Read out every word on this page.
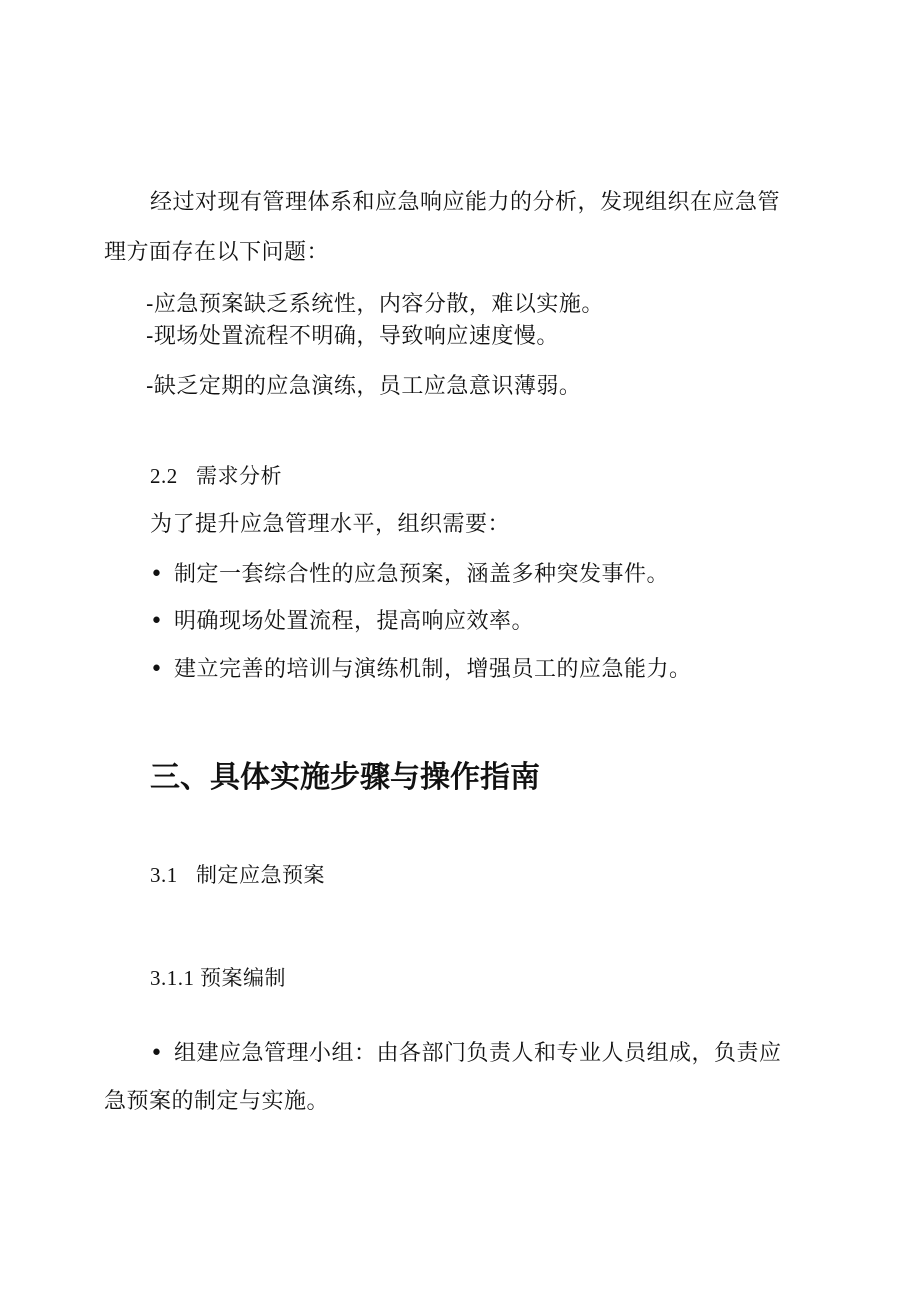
经过对现有管理体系和应急响应能力的分析，发现组织在应急管
理方面存在以下问题：
-应急预案缺乏系统性，内容分散，难以实施。
-现场处置流程不明确，导致响应速度慢。
-缺乏定期的应急演练，员工应急意识薄弱。
2.2 需求分析
为了提升应急管理水平，组织需要：
• 制定一套综合性的应急预案，涵盖多种突发事件。
• 明确现场处置流程，提高响应效率。
• 建立完善的培训与演练机制，增强员工的应急能力。
三、具体实施步骤与操作指南
3.1 制定应急预案
3.1.1 预案编制
• 组建应急管理小组：由各部门负责人和专业人员组成，负责应
急预案的制定与实施。
